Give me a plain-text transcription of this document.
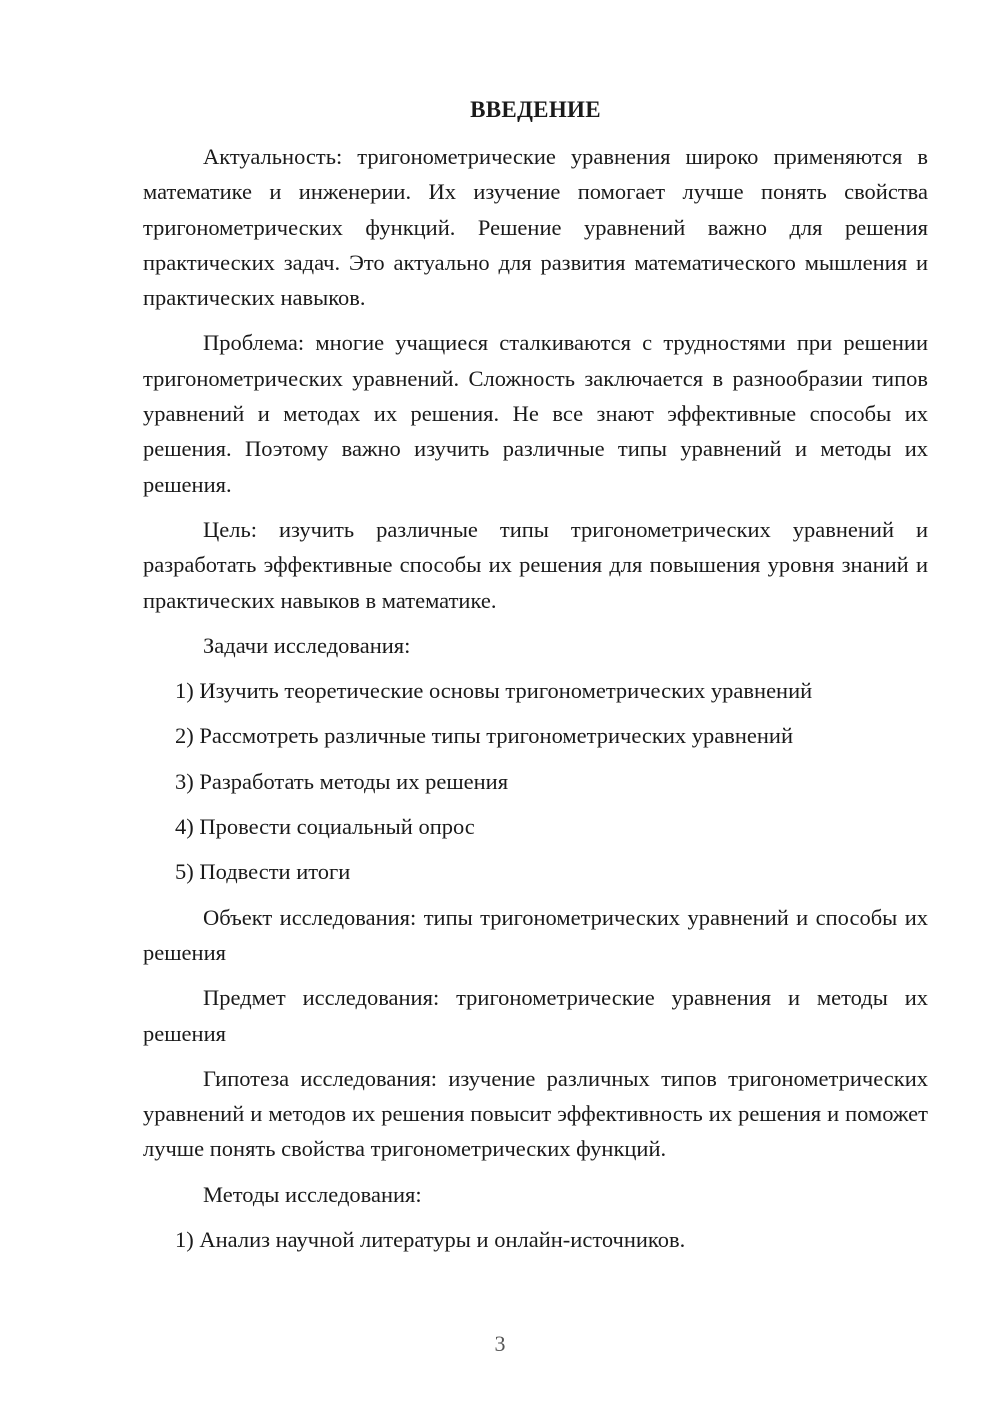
ВВЕДЕНИЕ

Актуальность: тригонометрические уравнения широко применяются в математике и инженерии. Их изучение помогает лучше понять свойства тригонометрических функций. Решение уравнений важно для решения практических задач. Это актуально для развития математического мышления и практических навыков.

Проблема: многие учащиеся сталкиваются с трудностями при решении тригонометрических уравнений. Сложность заключается в разнообразии типов уравнений и методах их решения. Не все знают эффективные способы их решения. Поэтому важно изучить различные типы уравнений и методы их решения.

Цель: изучить различные типы тригонометрических уравнений и разработать эффективные способы их решения для повышения уровня знаний и практических навыков в математике.

Задачи исследования:

1) Изучить теоретические основы тригонометрических уравнений

2) Рассмотреть различные типы тригонометрических уравнений

3) Разработать методы их решения

4) Провести социальный опрос

5) Подвести итоги

Объект исследования: типы тригонометрических уравнений и способы их решения

Предмет исследования: тригонометрические уравнения и методы их решения

Гипотеза исследования: изучение различных типов тригонометрических уравнений и методов их решения повысит эффективность их решения и поможет лучше понять свойства тригонометрических функций.

Методы исследования:

1) Анализ научной литературы и онлайн-источников.

3
